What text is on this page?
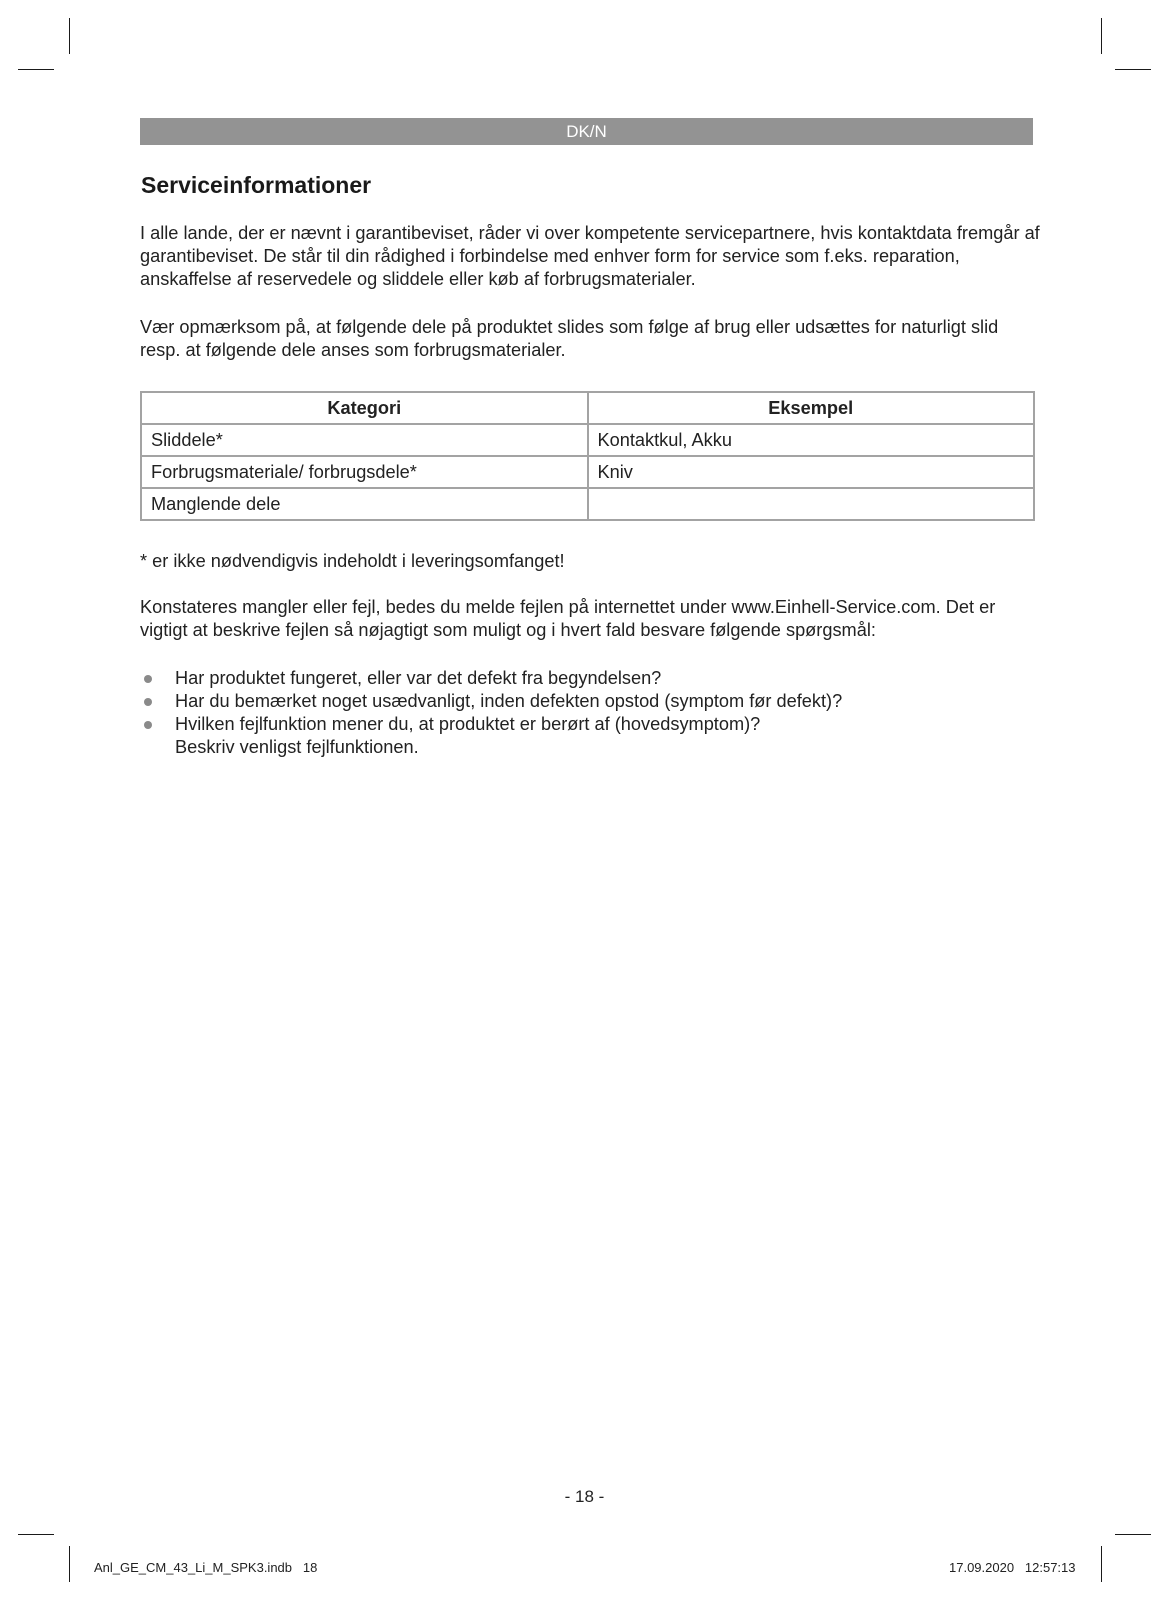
DK/N
Serviceinformationer

I alle lande, der er nævnt i garantibeviset, råder vi over kompetente servicepartnere, hvis kontaktdata fremgår af garantibeviset. De står til din rådighed i forbindelse med enhver form for service som f.eks. reparation, anskaffelse af reservedele og sliddele eller køb af forbrugsmaterialer.

Vær opmærksom på, at følgende dele på produktet slides som følge af brug eller udsættes for naturligt slid resp. at følgende dele anses som forbrugsmaterialer.

Kategori	Eksempel
Sliddele*	Kontaktkul, Akku
Forbrugsmateriale/ forbrugsdele*	Kniv
Manglende dele	

* er ikke nødvendigvis indeholdt i leveringsomfanget!

Konstateres mangler eller fejl, bedes du melde fejlen på internettet under www.Einhell-Service.com. Det er vigtigt at beskrive fejlen så nøjagtigt som muligt og i hvert fald besvare følgende spørgsmål:

Har produktet fungeret, eller var det defekt fra begyndelsen?
Har du bemærket noget usædvanligt, inden defekten opstod (symptom før defekt)?
Hvilken fejlfunktion mener du, at produktet er berørt af (hovedsymptom)?
Beskriv venligst fejlfunktionen.
- 18 -
Anl_GE_CM_43_Li_M_SPK3.indb   18	17.09.2020   12:57:13
